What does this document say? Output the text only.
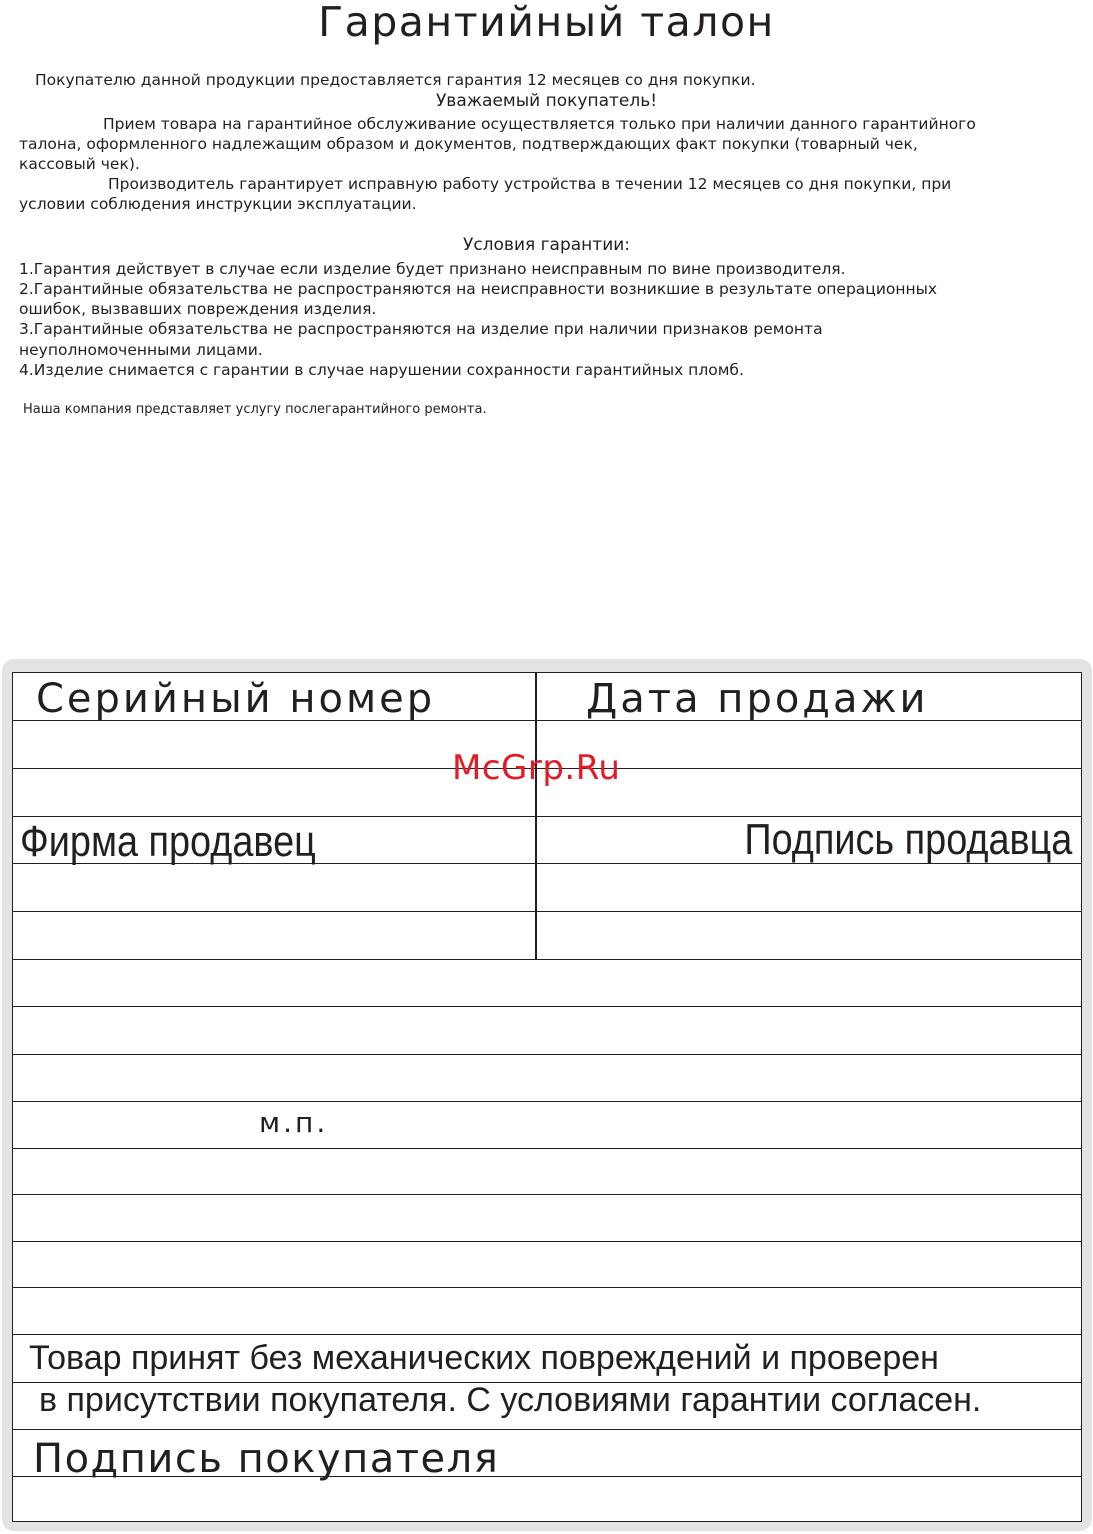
Гарантийный талон
Покупателю данной продукции предоставляется гарантия 12 месяцев со дня покупки.
Уважаемый покупатель!
Прием товара на гарантийное обслуживание осуществляется только при наличии данного гарантийного
талона, оформленного надлежащим образом и документов, подтверждающих факт покупки (товарный чек,
кассовый чек).
Производитель гарантирует исправную работу устройства в течении 12 месяцев со дня покупки, при
условии соблюдения инструкции эксплуатации.
Условия гарантии:
1.Гарантия действует в случае если изделие будет признано неисправным по вине производителя.
2.Гарантийные обязательства не распространяются на неисправности возникшие в результате операционных
ошибок, вызвавших повреждения изделия.
3.Гарантийные обязательства не распространяются на изделие при наличии признаков ремонта
неуполномоченными лицами.
4.Изделие снимается с гарантии в случае нарушении сохранности гарантийных пломб.
Наша компания представляет услугу послегарантийного ремонта.
Серийный номер	Дата продажи
Фирма продавец	Подпись продавца
м.п.
Товар принят без механических повреждений и проверен
в присутствии покупателя. С условиями гарантии согласен.
Подпись покупателя
McGrp.Ru
